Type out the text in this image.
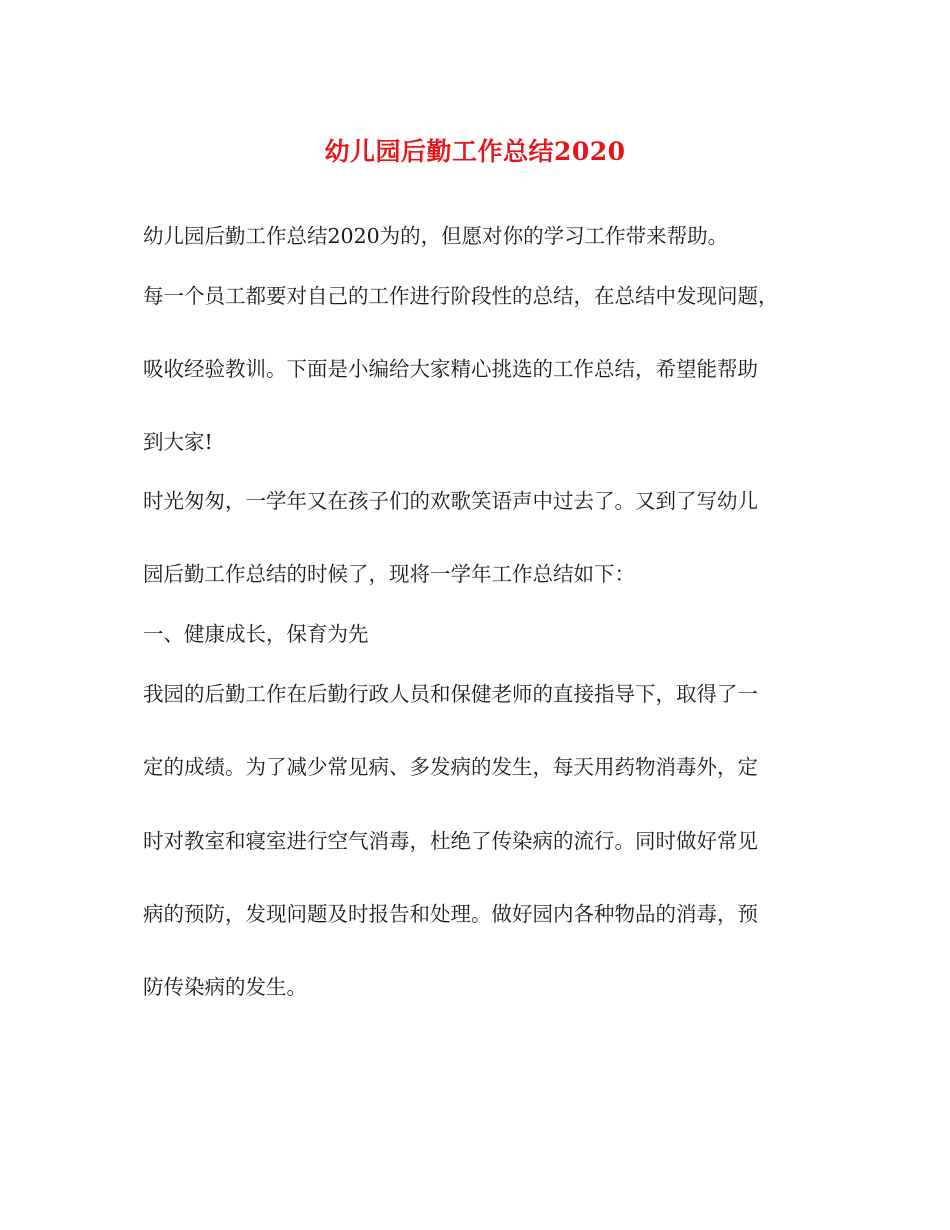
幼儿园后勤工作总结2020
幼儿园后勤工作总结2020为的，但愿对你的学习工作带来帮助。
每一个员工都要对自己的工作进行阶段性的总结，在总结中发现问题，
吸收经验教训。下面是小编给大家精心挑选的工作总结，希望能帮助
到大家!
时光匆匆，一学年又在孩子们的欢歌笑语声中过去了。又到了写幼儿
园后勤工作总结的时候了，现将一学年工作总结如下：
一、健康成长，保育为先
我园的后勤工作在后勤行政人员和保健老师的直接指导下，取得了一
定的成绩。为了减少常见病、多发病的发生，每天用药物消毒外，定
时对教室和寝室进行空气消毒，杜绝了传染病的流行。同时做好常见
病的预防，发现问题及时报告和处理。做好园内各种物品的消毒，预
防传染病的发生。
